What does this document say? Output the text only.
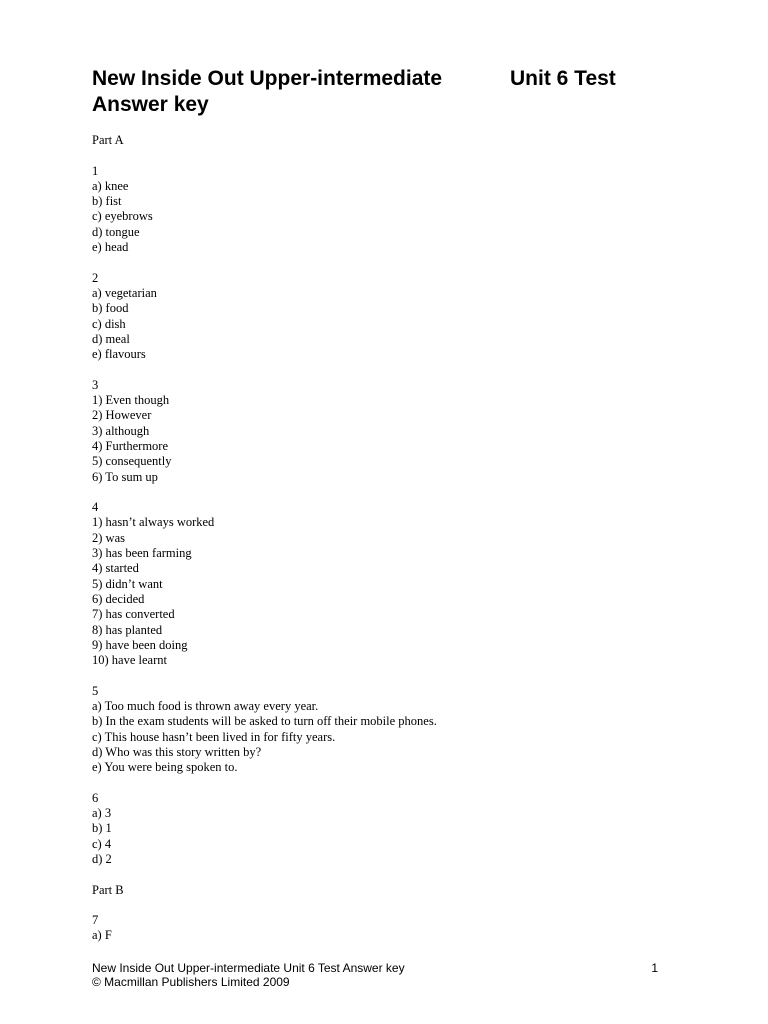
New Inside Out Upper-intermediate	Unit 6 Test
Answer key
Part A
1
a) knee
b) fist
c) eyebrows
d) tongue
e) head
2
a) vegetarian
b) food
c) dish
d) meal
e) flavours
3
1) Even though
2) However
3) although
4) Furthermore
5) consequently
6) To sum up
4
1) hasn’t always worked
2) was
3) has been farming
4) started
5) didn’t want
6) decided
7) has converted
8) has planted
9) have been doing
10) have learnt
5
a) Too much food is thrown away every year.
b) In the exam students will be asked to turn off their mobile phones.
c) This house hasn’t been lived in for fifty years.
d) Who was this story written by?
e) You were being spoken to.
6
a) 3
b) 1
c) 4
d) 2
Part B
7
a) F
New Inside Out Upper-intermediate Unit 6 Test Answer key
© Macmillan Publishers Limited 2009
1
